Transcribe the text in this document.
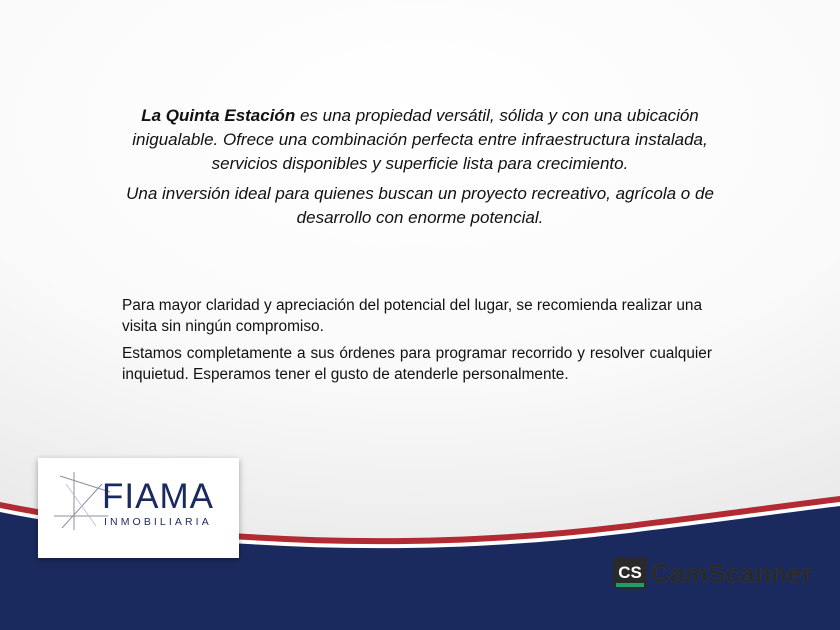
La Quinta Estación es una propiedad versátil, sólida y con una ubicación inigualable. Ofrece una combinación perfecta entre infraestructura instalada, servicios disponibles y superficie lista para crecimiento.

Una inversión ideal para quienes buscan un proyecto recreativo, agrícola o de desarrollo con enorme potencial.

Para mayor claridad y apreciación del potencial del lugar, se recomienda realizar una visita sin ningún compromiso.

Estamos completamente a sus órdenes para programar recorrido y resolver cualquier inquietud. Esperamos tener el gusto de atenderle personalmente.

FIAMA
INMOBILIARIA
CS CamScanner
